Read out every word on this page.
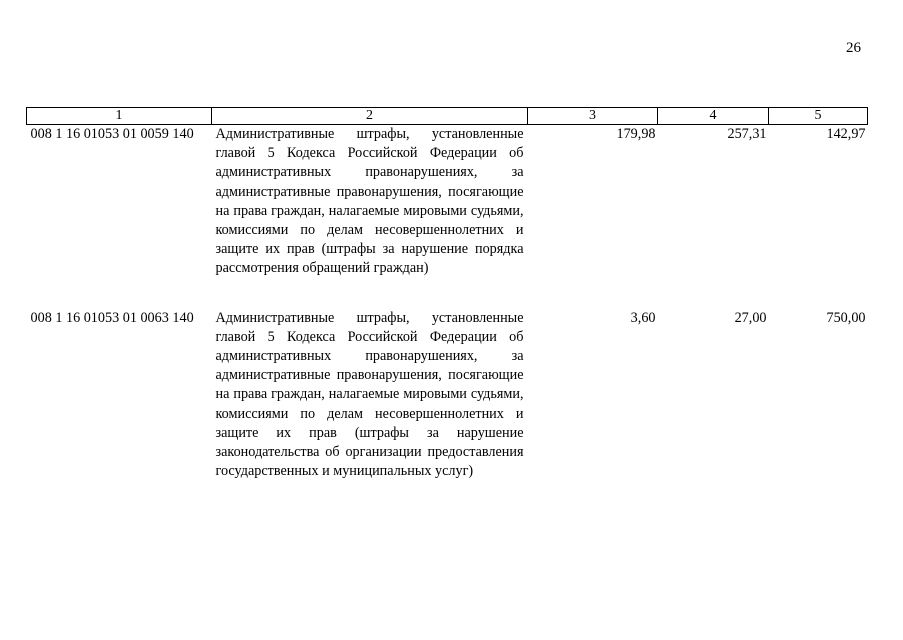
26
1	2	3	4	5
008 1 16 01053 01 0059 140	Административные штрафы, установленные главой 5 Кодекса Российской Федерации об административных правонарушениях, за административные правонарушения, посягающие на права граждан, налагаемые мировыми судьями, комиссиями по делам несовершеннолетних и защите их прав (штрафы за нарушение порядка рассмотрения обращений граждан)	179,98	257,31	142,97

008 1 16 01053 01 0063 140	Административные штрафы, установленные главой 5 Кодекса Российской Федерации об административных правонарушениях, за административные правонарушения, посягающие на права граждан, налагаемые мировыми судьями, комиссиями по делам несовершеннолетних и защите их прав (штрафы за нарушение законодательства об организации предоставления государственных и муниципальных услуг)	3,60	27,00	750,00
